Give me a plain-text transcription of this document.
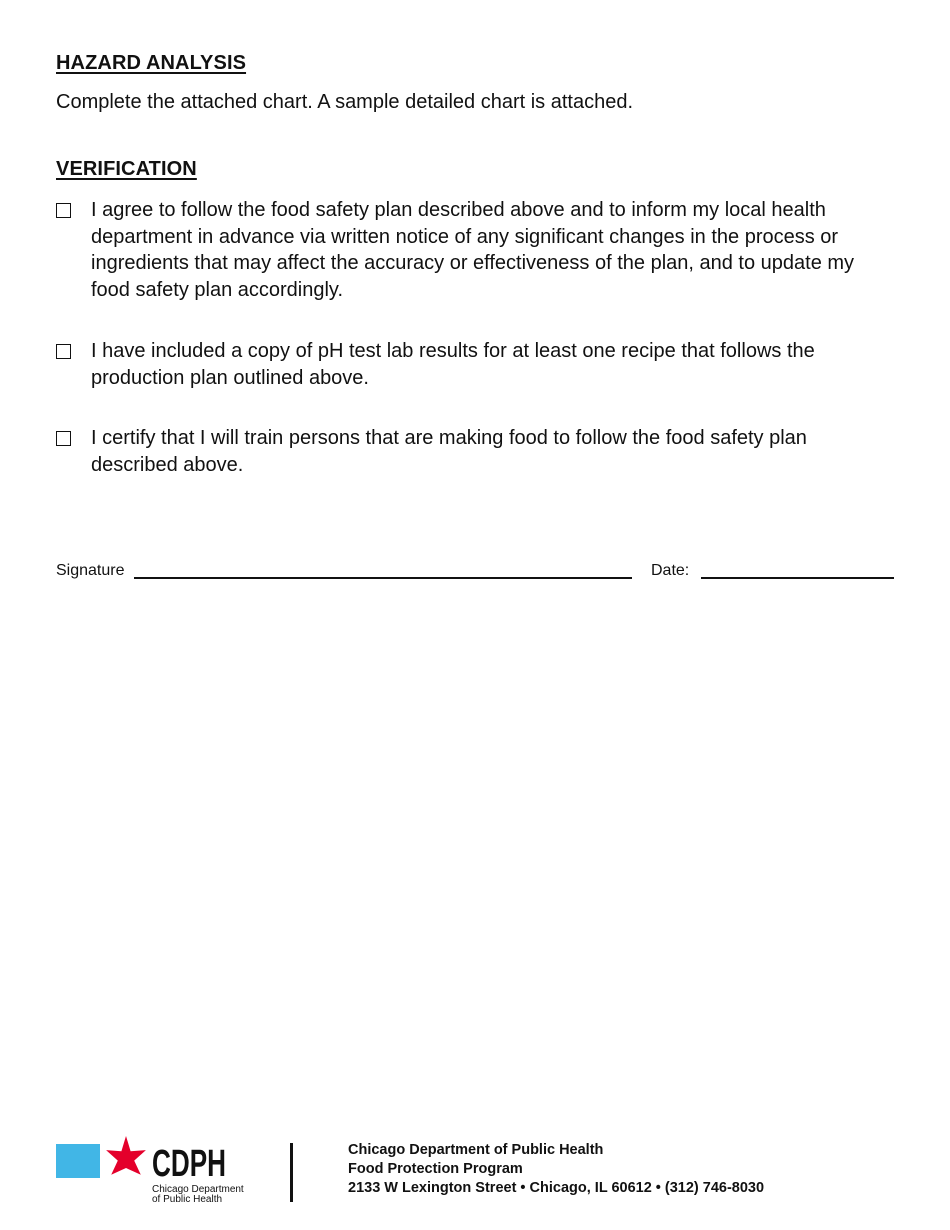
HAZARD ANALYSIS

Complete the attached chart. A sample detailed chart is attached.

VERIFICATION
I agree to follow the food safety plan described above and to inform my local health department in advance via written notice of any significant changes in the process or ingredients that may affect the accuracy or effectiveness of the plan, and to update my food safety plan accordingly.
I have included a copy of pH test lab results for at least one recipe that follows the production plan outlined above.
I certify that I will train persons that are making food to follow the food safety plan described above.
Signature	Date:
CDPH
Chicago Department
of Public Health
Chicago Department of Public Health
Food Protection Program
2133 W Lexington Street • Chicago, IL 60612 • (312) 746-8030
